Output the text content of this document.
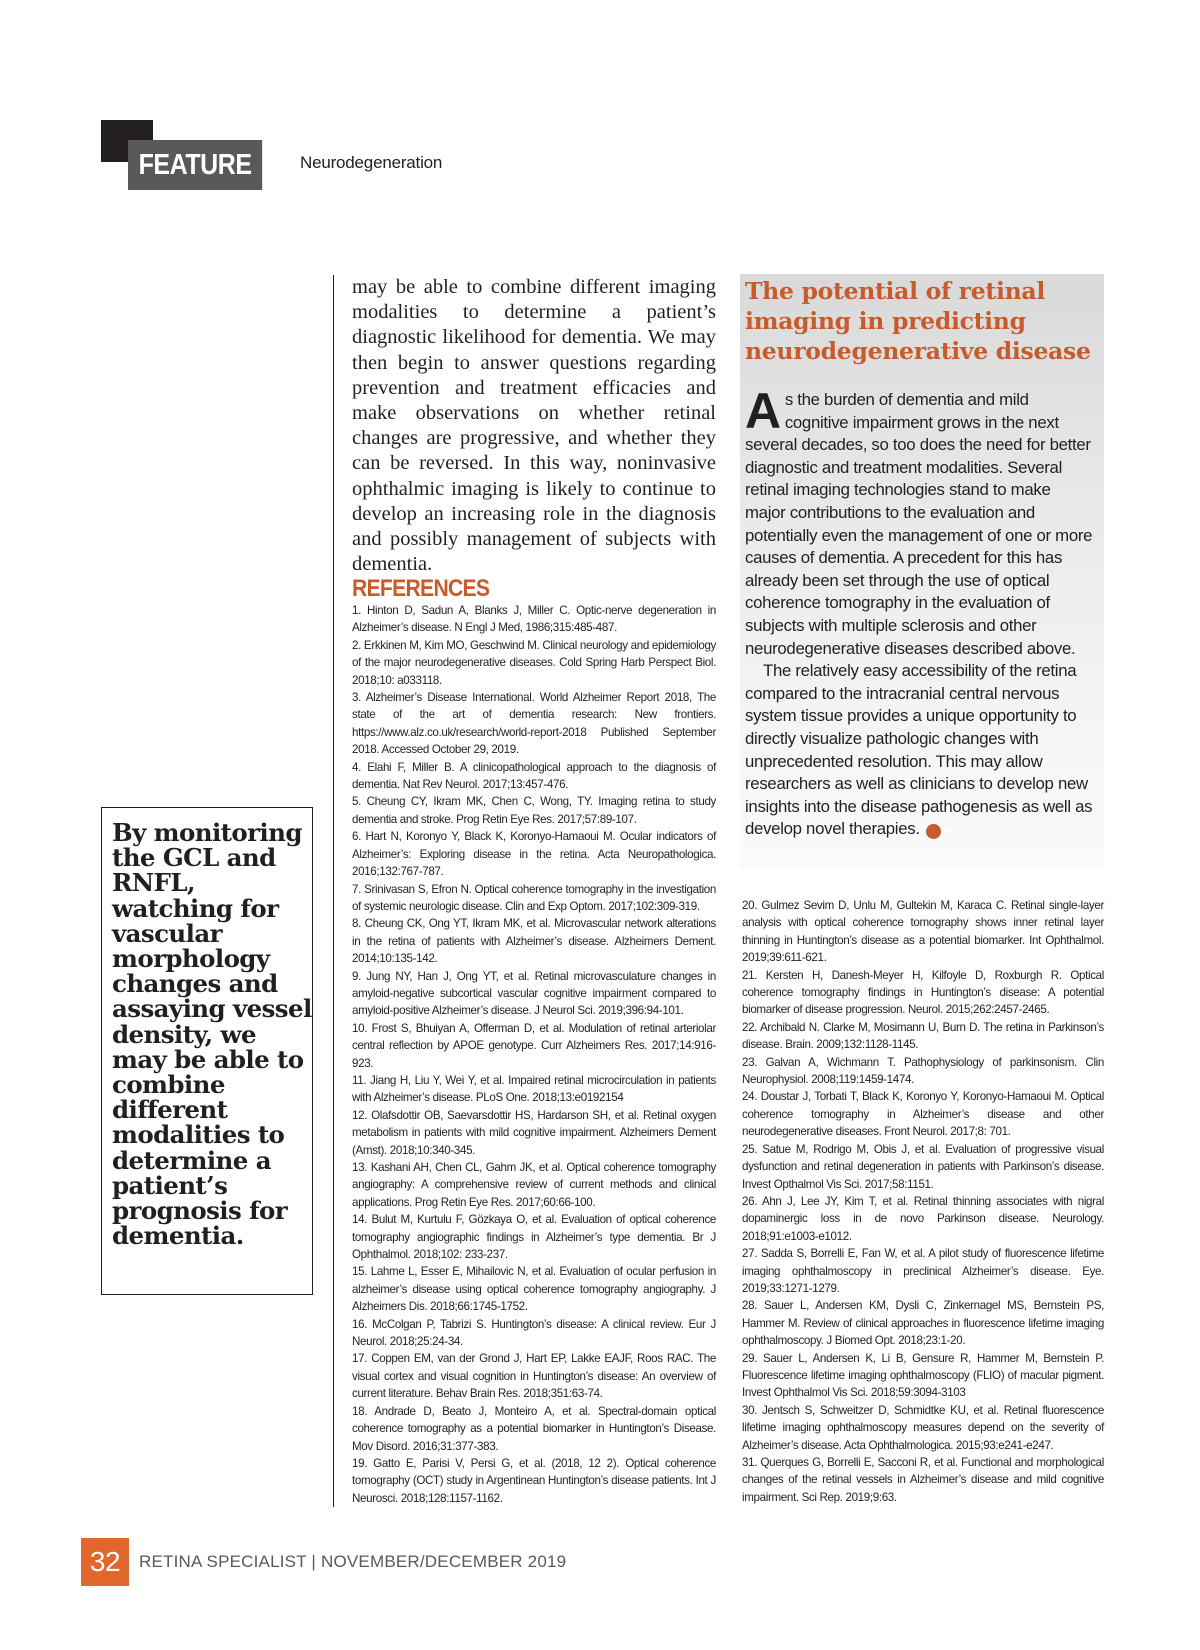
FEATURE	Neurodegeneration

may be able to combine different imaging modalities to determine a patient’s diagnostic likelihood for dementia. We may then begin to answer questions regarding prevention and treatment efficacies and make observations on whether retinal changes are progressive, and whether they can be reversed. In this way, noninvasive ophthalmic imaging is likely to continue to develop an increasing role in the diagnosis and possibly management of subjects with dementia.

REFERENCES
1. Hinton D, Sadun A, Blanks J, Miller C. Optic-nerve degeneration in Alzheimer’s disease. N Engl J Med, 1986;315:485-487.
2. Erkkinen M, Kim MO, Geschwind M. Clinical neurology and epidemiology of the major neurodegenerative diseases. Cold Spring Harb Perspect Biol. 2018;10: a033118.
3. Alzheimer’s Disease International. World Alzheimer Report 2018, The state of the art of dementia research: New frontiers. https://www.alz.co.uk/research/world-report-2018 Published September 2018. Accessed October 29, 2019.
4. Elahi F, Miller B. A clinicopathological approach to the diagnosis of dementia. Nat Rev Neurol. 2017;13:457-476.
5. Cheung CY, Ikram MK, Chen C, Wong, TY. Imaging retina to study dementia and stroke. Prog Retin Eye Res. 2017;57:89-107.
6. Hart N, Koronyo Y, Black K, Koronyo-Hamaoui M. Ocular indicators of Alzheimer’s: Exploring disease in the retina. Acta Neuropathologica. 2016;132:767-787.
7. Srinivasan S, Efron N. Optical coherence tomography in the investigation of systemic neurologic disease. Clin and Exp Optom. 2017;102:309-319.
8. Cheung CK, Ong YT, Ikram MK, et al. Microvascular network alterations in the retina of patients with Alzheimer’s disease. Alzheimers Dement. 2014;10:135-142.
9. Jung NY, Han J, Ong YT, et al. Retinal microvasculature changes in amyloid-negative subcortical vascular cognitive impairment compared to amyloid-positive Alzheimer’s disease. J Neurol Sci. 2019;396:94-101.
10. Frost S, Bhuiyan A, Offerman D, et al. Modulation of retinal arteriolar central reflection by APOE genotype. Curr Alzheimers Res. 2017;14:916-923.
11. Jiang H, Liu Y, Wei Y, et al. Impaired retinal microcirculation in patients with Alzheimer’s disease. PLoS One. 2018;13:e0192154
12. Olafsdottir OB, Saevarsdottir HS, Hardarson SH, et al. Retinal oxygen metabolism in patients with mild cognitive impairment. Alzheimers Dement (Amst). 2018;10:340-345.
13. Kashani AH, Chen CL, Gahm JK, et al. Optical coherence tomography angiography: A comprehensive review of current methods and clinical applications. Prog Retin Eye Res. 2017;60:66-100.
14. Bulut M, Kurtulu F, Gözkaya O, et al. Evaluation of optical coherence tomography angiographic findings in Alzheimer’s type dementia. Br J Ophthalmol. 2018;102: 233-237.
15. Lahme L, Esser E, Mihailovic N, et al. Evaluation of ocular perfusion in alzheimer’s disease using optical coherence tomography angiography. J Alzheimers Dis. 2018;66:1745-1752.
16. McColgan P, Tabrizi S. Huntington’s disease: A clinical review. Eur J Neurol. 2018;25:24-34.
17. Coppen EM, van der Grond J, Hart EP, Lakke EAJF, Roos RAC. The visual cortex and visual cognition in Huntington’s disease: An overview of current literature. Behav Brain Res. 2018;351:63-74.
18. Andrade D, Beato J, Monteiro A, et al. Spectral-domain optical coherence tomography as a potential biomarker in Huntington’s Disease. Mov Disord. 2016;31:377-383.
19. Gatto E, Parisi V, Persi G, et al. (2018, 12 2). Optical coherence tomography (OCT) study in Argentinean Huntington’s disease patients. Int J Neurosci. 2018;128:1157-1162.
20. Gulmez Sevim D, Unlu M, Gultekin M, Karaca C. Retinal single-layer analysis with optical coherence tomography shows inner retinal layer thinning in Huntington’s disease as a potential biomarker. Int Ophthalmol. 2019;39:611-621.
21. Kersten H, Danesh-Meyer H, Kilfoyle D, Roxburgh R. Optical coherence tomography findings in Huntington’s disease: A potential biomarker of disease progression. Neurol. 2015;262:2457-2465.
22. Archibald N. Clarke M, Mosimann U, Burn D. The retina in Parkinson’s disease. Brain. 2009;132:1128-1145.
23. Galvan A, Wichmann T. Pathophysiology of parkinsonism. Clin Neurophysiol. 2008;119:1459-1474.
24. Doustar J, Torbati T, Black K, Koronyo Y, Koronyo-Hamaoui M. Optical coherence tomography in Alzheimer’s disease and other neurodegenerative diseases. Front Neurol. 2017;8: 701.
25. Satue M, Rodrigo M, Obis J, et al. Evaluation of progressive visual dysfunction and retinal degeneration in patients with Parkinson’s disease. Invest Opthalmol Vis Sci. 2017;58:1151.
26. Ahn J, Lee JY, Kim T, et al. Retinal thinning associates with nigral dopaminergic loss in de novo Parkinson disease. Neurology. 2018;91:e1003-e1012.
27. Sadda S, Borrelli E, Fan W, et al. A pilot study of fluorescence lifetime imaging ophthalmoscopy in preclinical Alzheimer’s disease. Eye. 2019;33:1271-1279.
28. Sauer L, Andersen KM, Dysli C, Zinkernagel MS, Bernstein PS, Hammer M. Review of clinical approaches in fluorescence lifetime imaging ophthalmoscopy. J Biomed Opt. 2018;23:1-20.
29. Sauer L, Andersen K, Li B, Gensure R, Hammer M, Bernstein P. Fluorescence lifetime imaging ophthalmoscopy (FLIO) of macular pigment. Invest Ophthalmol Vis Sci. 2018;59:3094-3103
30. Jentsch S, Schweitzer D, Schmidtke KU, et al. Retinal fluorescence lifetime imaging ophthalmoscopy measures depend on the severity of Alzheimer’s disease. Acta Ophthalmologica. 2015;93:e241-e247.
31. Querques G, Borrelli E, Sacconi R, et al. Functional and morphological changes of the retinal vessels in Alzheimer’s disease and mild cognitive impairment. Sci Rep. 2019;9:63.
The potential of retinal imaging in predicting neurodegenerative disease

As the burden of dementia and mild cognitive impairment grows in the next several decades, so too does the need for better diagnostic and treatment modalities. Several retinal imaging technologies stand to make major contributions to the evaluation and potentially even the management of one or more causes of dementia. A precedent for this has already been set through the use of optical coherence tomography in the evaluation of subjects with multiple sclerosis and other neurodegenerative diseases described above.

The relatively easy accessibility of the retina compared to the intracranial central nervous system tissue provides a unique opportunity to directly visualize pathologic changes with unprecedented resolution. This may allow researchers as well as clinicians to develop new insights into the disease pathogenesis as well as develop novel therapies.	RS

By monitoring the GCL and RNFL, watching for vascular morphology changes and assaying vessel density, we may be able to combine different modalities to determine a patient’s prognosis for dementia.

32	RETINA SPECIALIST | NOVEMBER/DECEMBER 2019
